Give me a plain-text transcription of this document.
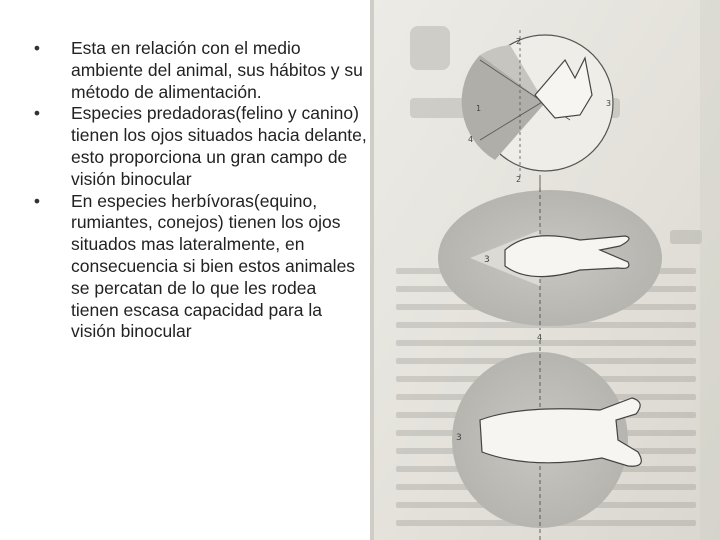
•	Esta en relación con el medio ambiente del animal, sus hábitos y su método de alimentación.
•	Especies predadoras(felino y canino) tienen los ojos situados hacia delante, esto proporciona un gran campo de visión binocular
•	En especies herbívoras(equino, rumiantes, conejos) tienen los ojos situados mas lateralmente, en consecuencia si bien estos animales se percatan de lo que les rodea tienen escasa capacidad para la visión binocular
2
1
3
4
2
3
4
3
